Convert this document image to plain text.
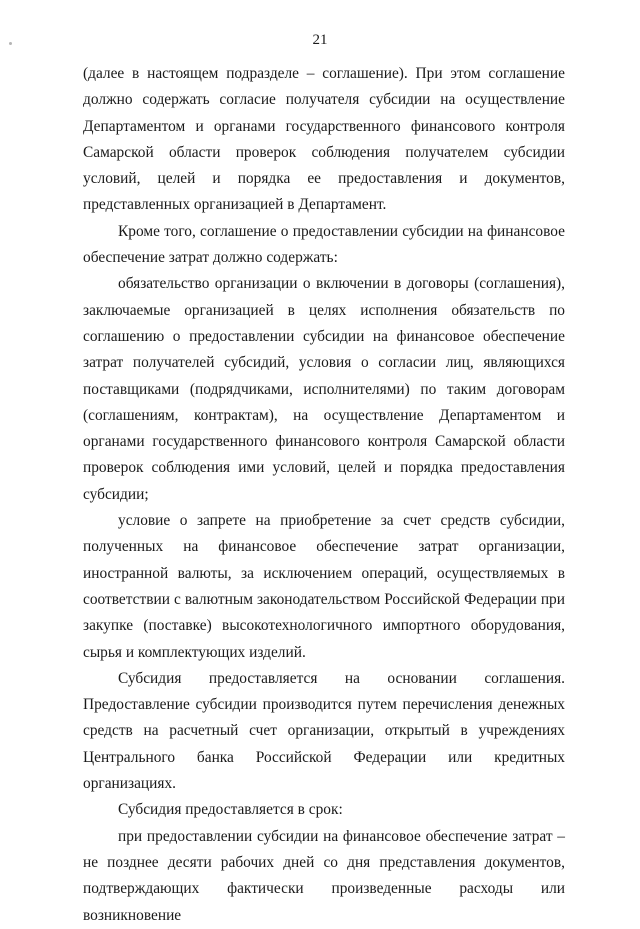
21

(далее в настоящем подразделе – соглашение). При этом соглашение должно содержать согласие получателя субсидии на осуществление Департаментом и органами государственного финансового контроля Самарской области проверок соблюдения получателем субсидии условий, целей и порядка ее предоставления и документов, представленных организацией в Департамент.

Кроме того, соглашение о предоставлении субсидии на финансовое обеспечение затрат должно содержать:

обязательство организации о включении в договоры (соглашения), заключаемые организацией в целях исполнения обязательств по соглашению о предоставлении субсидии на финансовое обеспечение затрат получателей субсидий, условия о согласии лиц, являющихся поставщиками (подрядчиками, исполнителями) по таким договорам (соглашениям, контрактам), на осуществление Департаментом и органами государственного финансового контроля Самарской области проверок соблюдения ими условий, целей и порядка предоставления субсидии;

условие о запрете на приобретение за счет средств субсидии, полученных на финансовое обеспечение затрат организации, иностранной валюты, за исключением операций, осуществляемых в соответствии с валютным законодательством Российской Федерации при закупке (поставке) высокотехнологичного импортного оборудования, сырья и комплектующих изделий.

Субсидия предоставляется на основании соглашения. Предоставление субсидии производится путем перечисления денежных средств на расчетный счет организации, открытый в учреждениях Центрального банка Российской Федерации или кредитных организациях.

Субсидия предоставляется в срок:

при предоставлении субсидии на финансовое обеспечение затрат – не позднее десяти рабочих дней со дня представления документов, подтверждающих фактически произведенные расходы или возникновение
